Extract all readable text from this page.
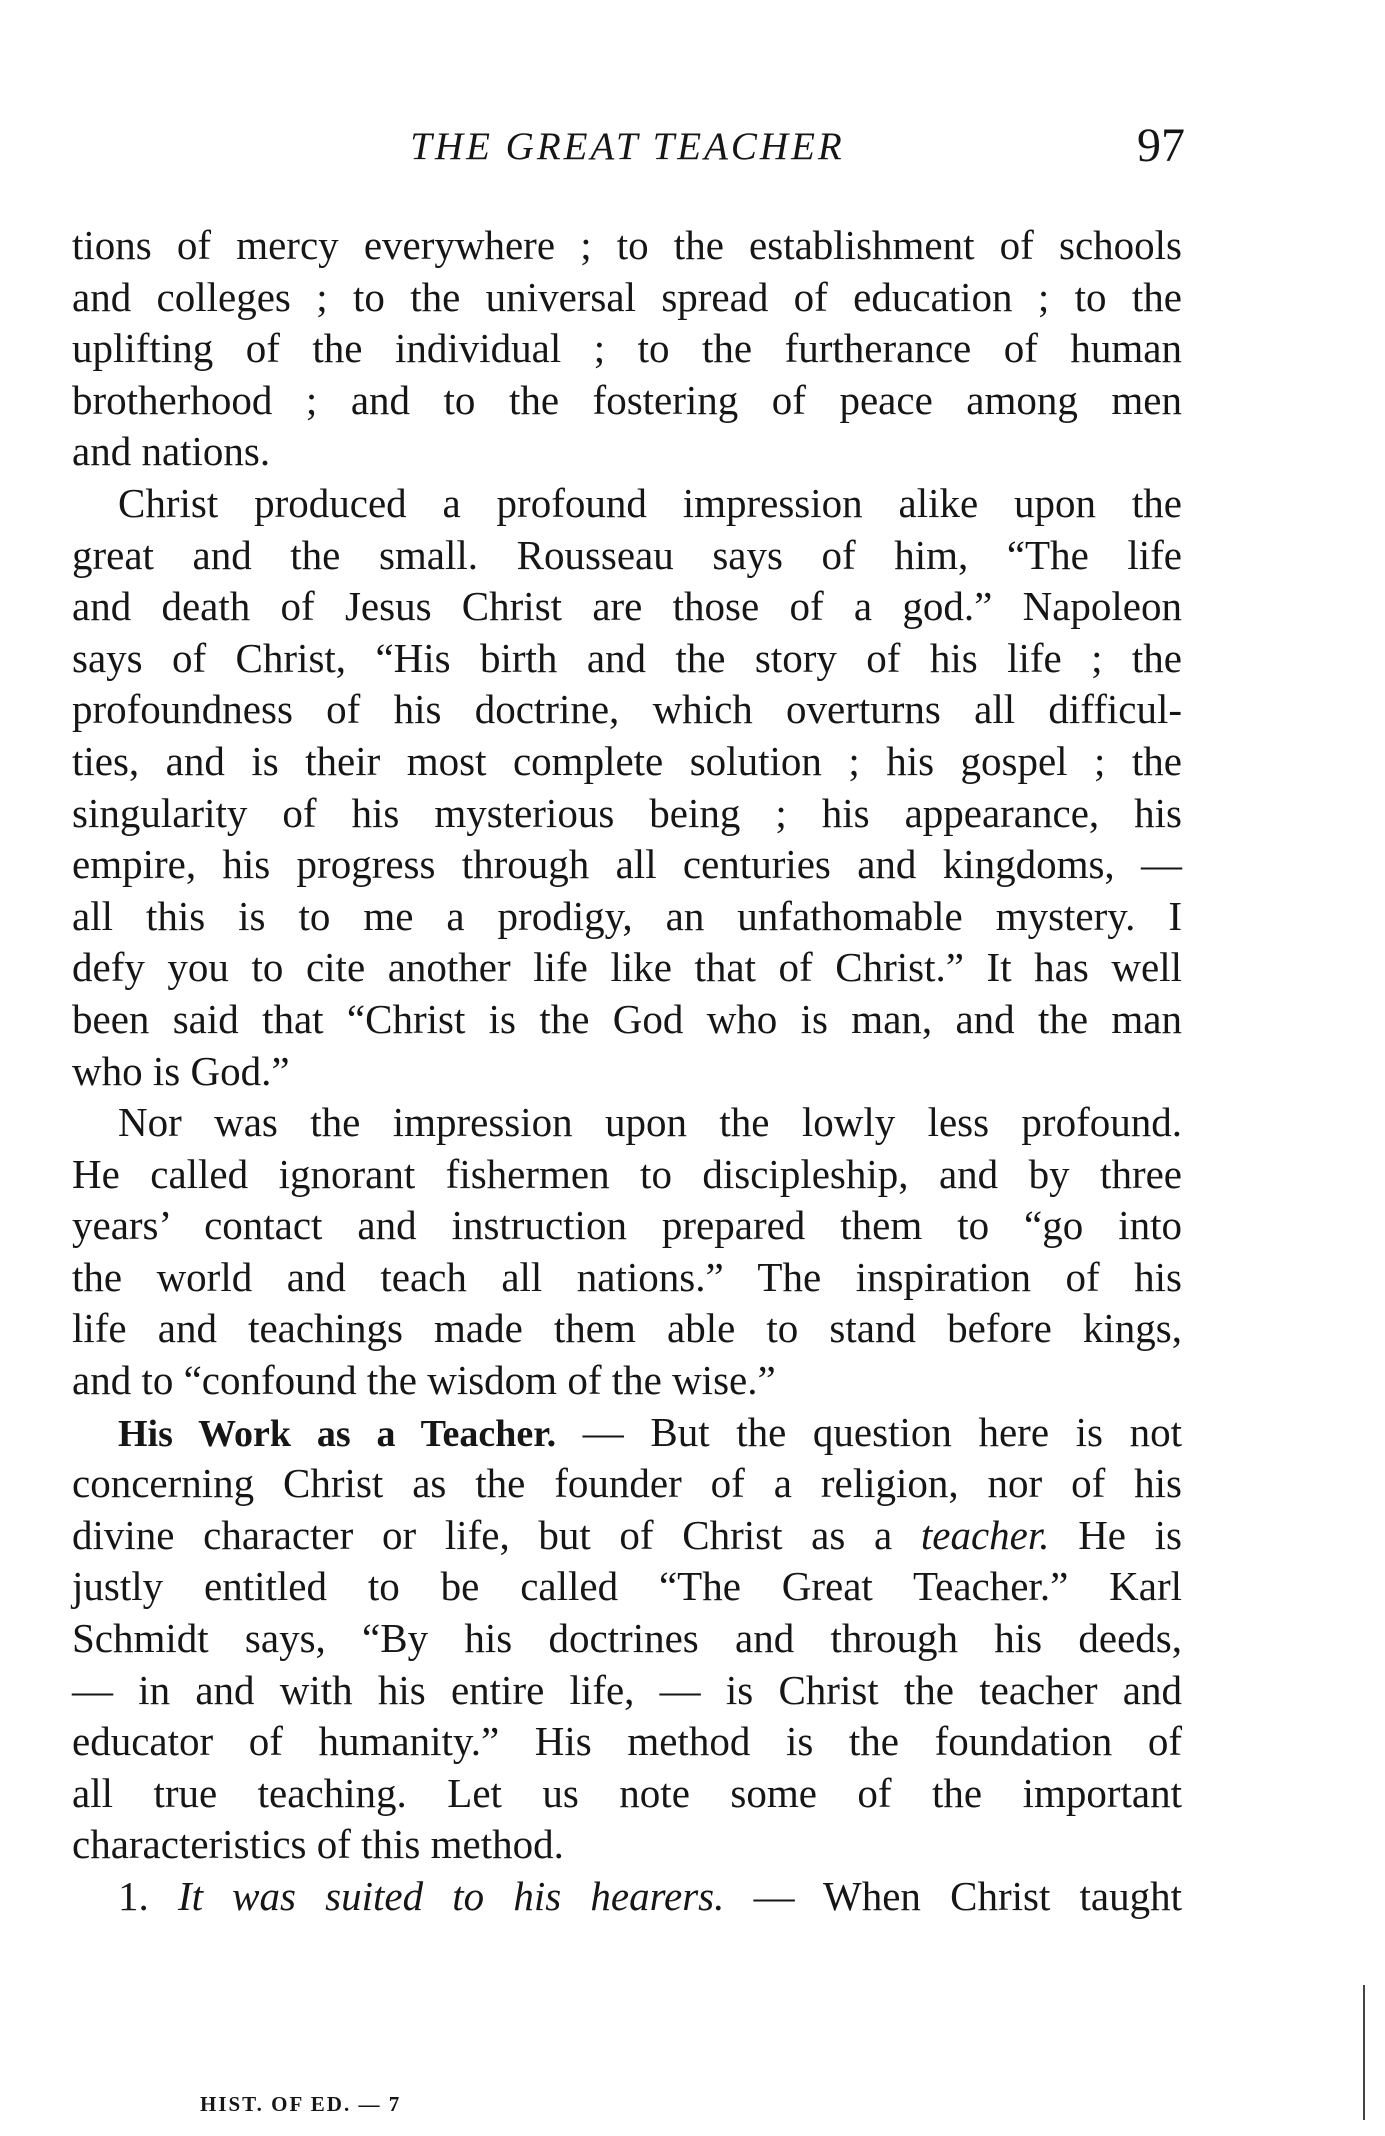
THE GREAT TEACHER	97
tions of mercy everywhere ; to the establishment of schools
and colleges ; to the universal spread of education ; to the
uplifting of the individual ; to the furtherance of human
brotherhood ; and to the fostering of peace among men
and nations.
Christ produced a profound impression alike upon the
great and the small. Rousseau says of him, “The life
and death of Jesus Christ are those of a god.” Napoleon
says of Christ, “His birth and the story of his life ; the
profoundness of his doctrine, which overturns all difficul-
ties, and is their most complete solution ; his gospel ; the
singularity of his mysterious being ; his appearance, his
empire, his progress through all centuries and kingdoms, —
all this is to me a prodigy, an unfathomable mystery. I
defy you to cite another life like that of Christ.” It has well
been said that “Christ is the God who is man, and the man
who is God.”
Nor was the impression upon the lowly less profound.
He called ignorant fishermen to discipleship, and by three
years’ contact and instruction prepared them to “go into
the world and teach all nations.” The inspiration of his
life and teachings made them able to stand before kings,
and to “confound the wisdom of the wise.”
His Work as a Teacher. — But the question here is not
concerning Christ as the founder of a religion, nor of his
divine character or life, but of Christ as a teacher. He is
justly entitled to be called “The Great Teacher.” Karl
Schmidt says, “By his doctrines and through his deeds,
— in and with his entire life, — is Christ the teacher and
educator of humanity.” His method is the foundation of
all true teaching. Let us note some of the important
characteristics of this method.
1. It was suited to his hearers. — When Christ taught
HIST. OF ED. — 7
